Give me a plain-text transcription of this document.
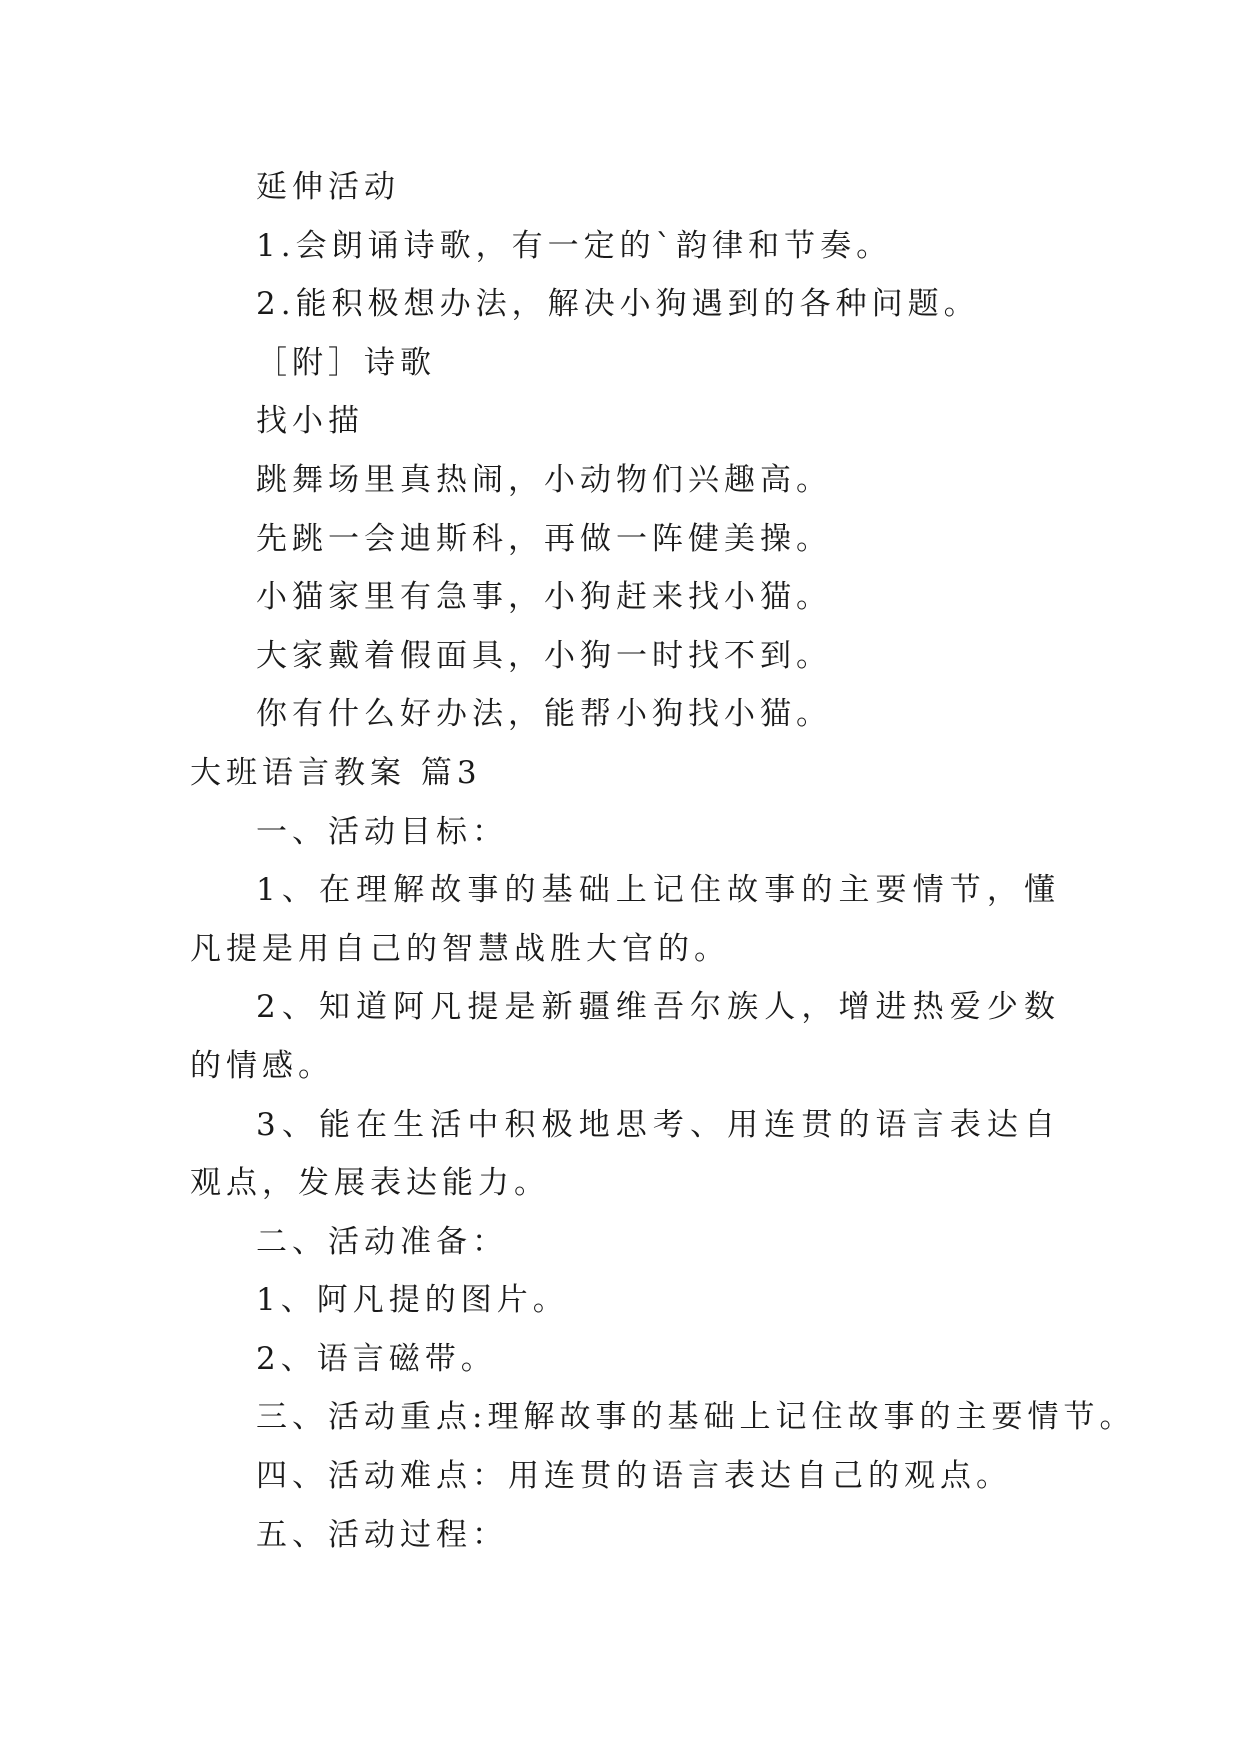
延伸活动

1.会朗诵诗歌，有一定的`韵律和节奏。

2.能积极想办法，解决小狗遇到的各种问题。

［附］诗歌

找小描

跳舞场里真热闹，小动物们兴趣高。

先跳一会迪斯科，再做一阵健美操。

小猫家里有急事，小狗赶来找小猫。

大家戴着假面具，小狗一时找不到。

你有什么好办法，能帮小狗找小猫。

大班语言教案 篇3

一、活动目标：

1、在理解故事的基础上记住故事的主要情节，懂

凡提是用自己的智慧战胜大官的。

2、知道阿凡提是新疆维吾尔族人，增进热爱少数

的情感。

3、能在生活中积极地思考、用连贯的语言表达自

观点，发展表达能力。

二、活动准备：

1、阿凡提的图片。

2、语言磁带。

三、活动重点:理解故事的基础上记住故事的主要情节。

四、活动难点：用连贯的语言表达自己的观点。

五、活动过程：
